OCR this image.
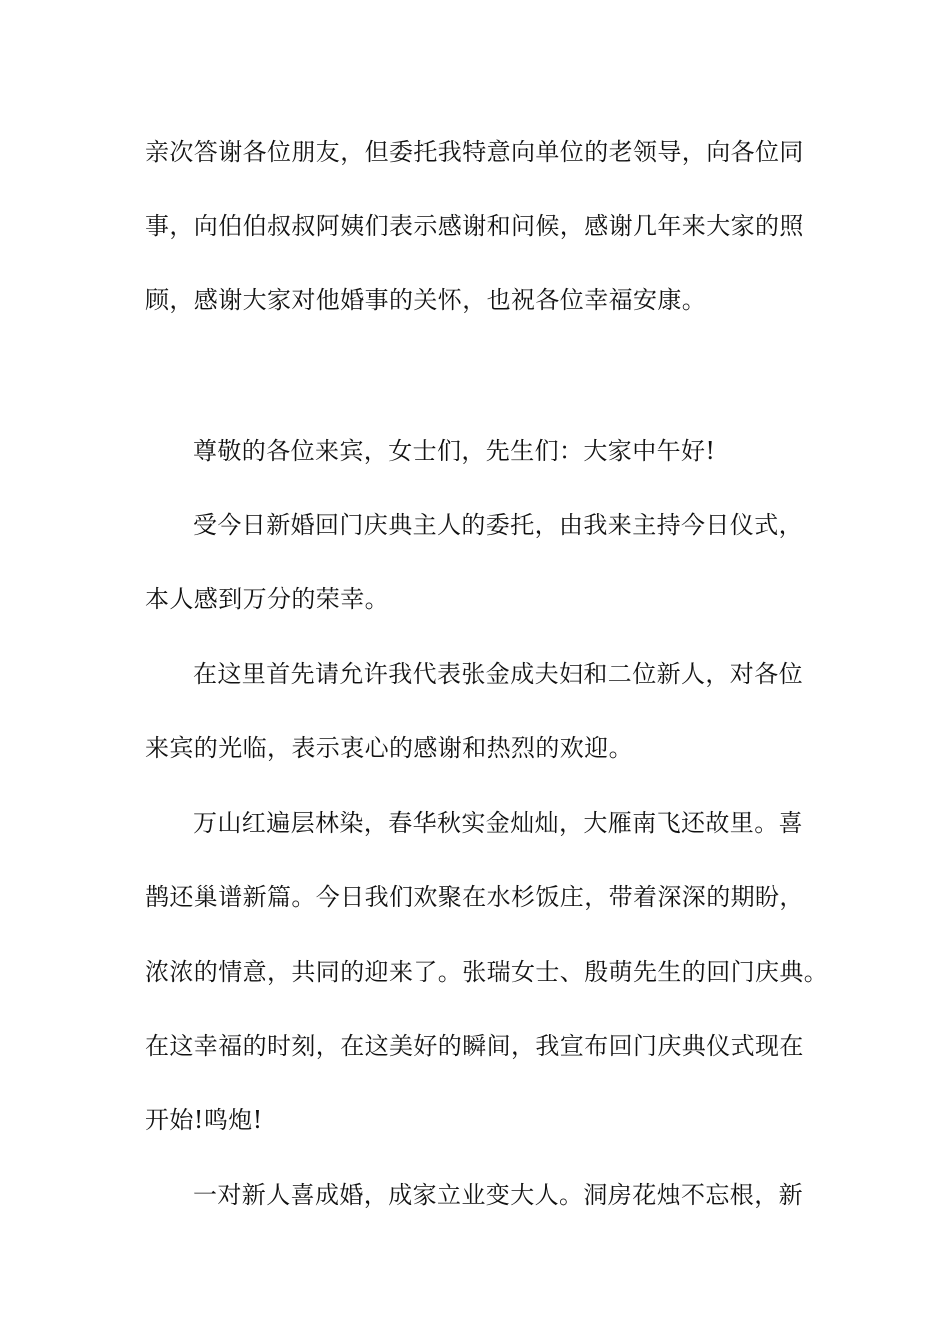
亲次答谢各位朋友，但委托我特意向单位的老领导，向各位同
事，向伯伯叔叔阿姨们表示感谢和问候，感谢几年来大家的照
顾，感谢大家对他婚事的关怀，也祝各位幸福安康。
尊敬的各位来宾，女士们，先生们：大家中午好!
受今日新婚回门庆典主人的委托，由我来主持今日仪式，
本人感到万分的荣幸。
在这里首先请允许我代表张金成夫妇和二位新人，对各位
来宾的光临，表示衷心的感谢和热烈的欢迎。
万山红遍层林染，春华秋实金灿灿，大雁南飞还故里。喜
鹊还巢谱新篇。今日我们欢聚在水杉饭庄，带着深深的期盼，
浓浓的情意，共同的迎来了。张瑞女士、殷萌先生的回门庆典。
在这幸福的时刻，在这美好的瞬间，我宣布回门庆典仪式现在
开始!鸣炮!
一对新人喜成婚，成家立业变大人。洞房花烛不忘根，新
